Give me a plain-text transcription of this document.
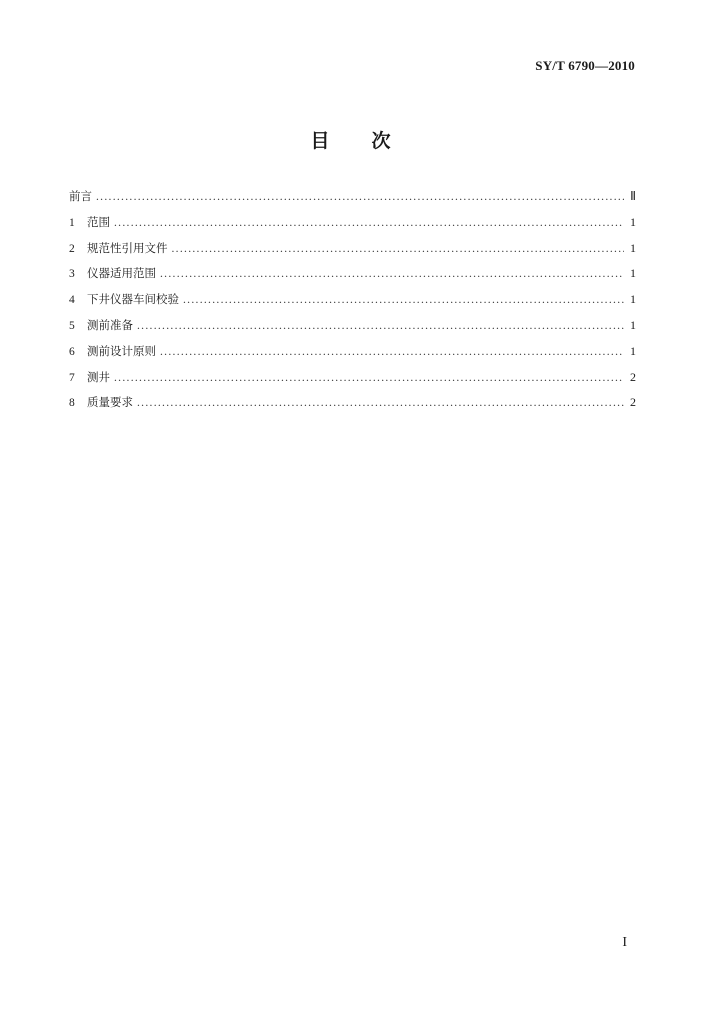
SY/T 6790—2010
目次
前言 .....	Ⅱ
1	范围 .....	1
2	规范性引用文件 .....	1
3	仪器适用范围 .....	1
4	下井仪器车间校验 .....	1
5	测前准备 .....	1
6	测前设计原则 .....	1
7	测井 .....	2
8	质量要求 .....	2
I
